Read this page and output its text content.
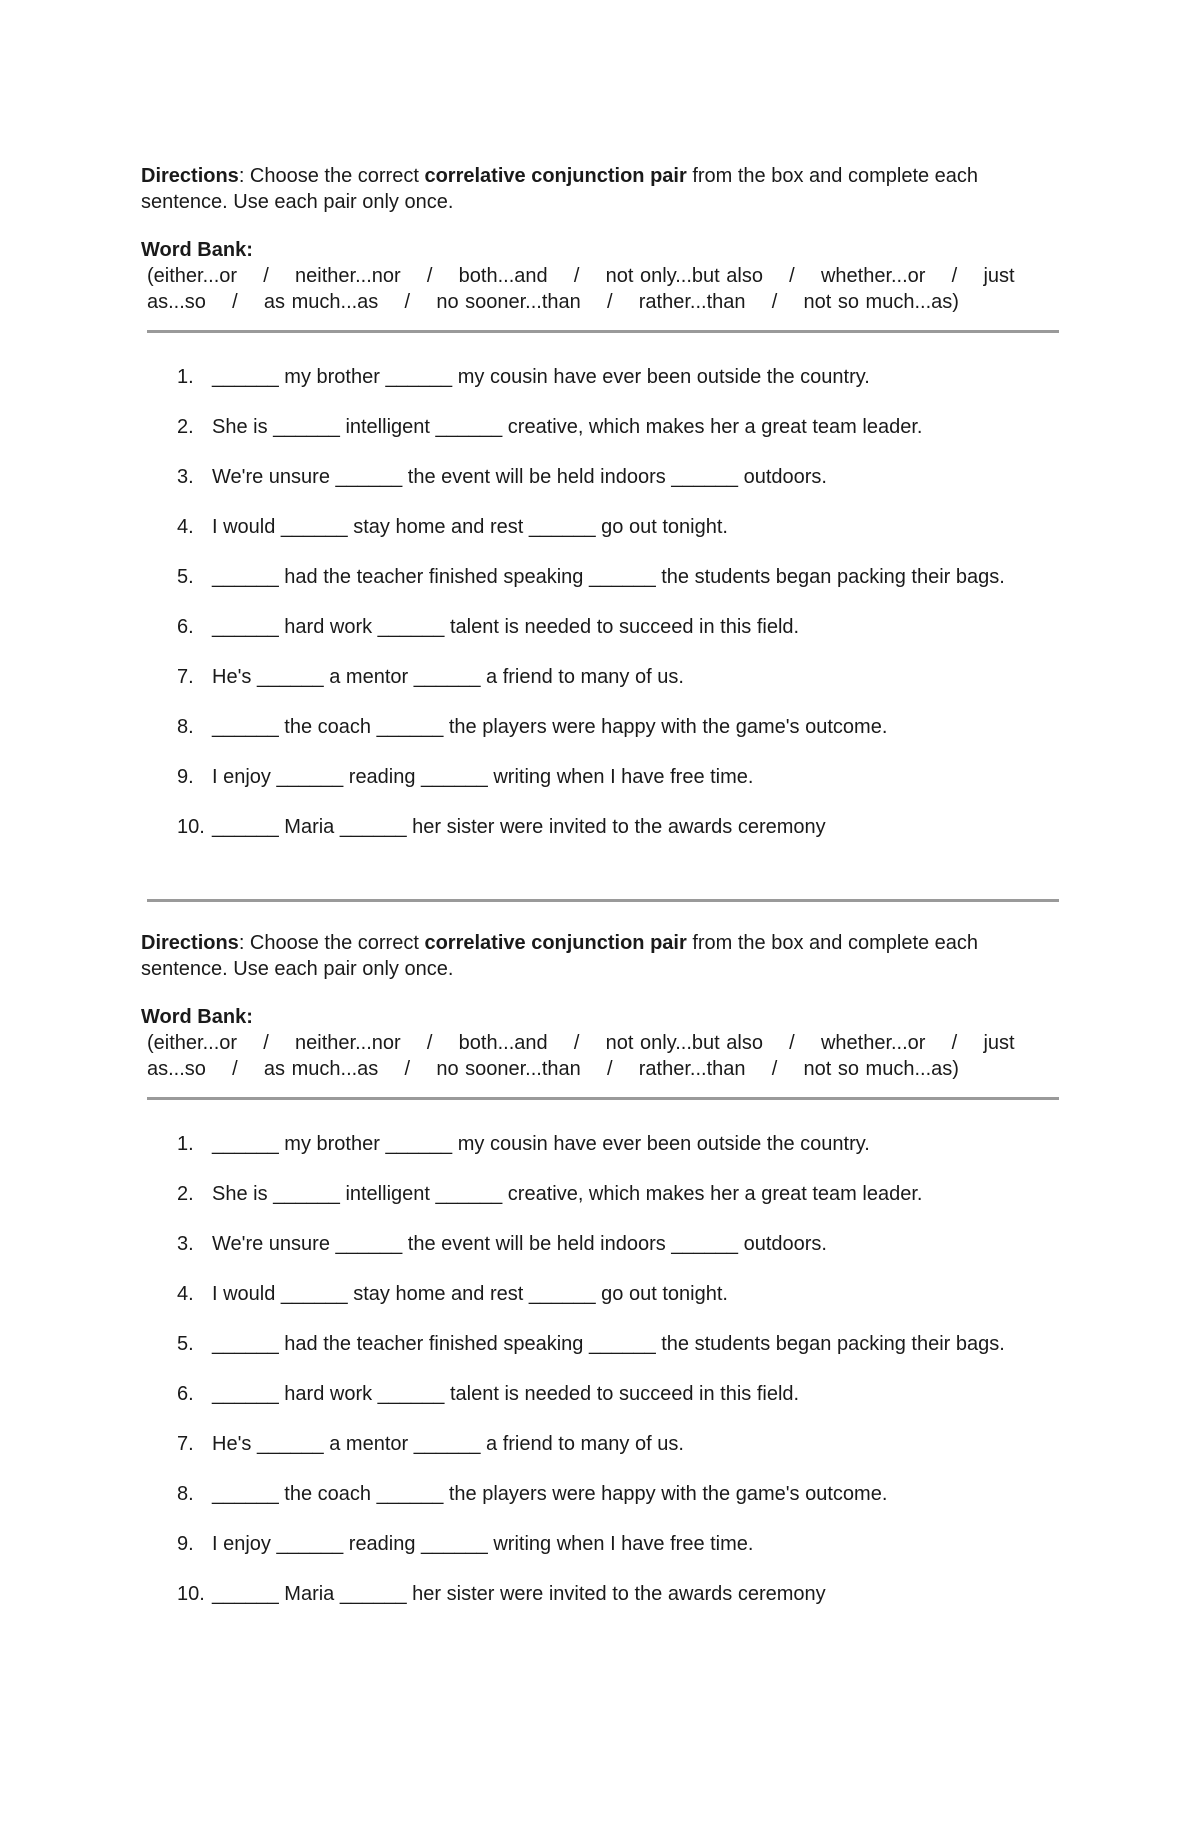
Directions: Choose the correct correlative conjunction pair from the box and complete each sentence. Use each pair only once.

Word Bank:

(either...or    /    neither...nor    /    both...and    /    not only...but also    /    whether...or    /    just
as...so    /    as much...as    /    no sooner...than    /    rather...than    /    not so much...as)

1. ______ my brother ______ my cousin have ever been outside the country.
2. She is ______ intelligent ______ creative, which makes her a great team leader.
3. We're unsure ______ the event will be held indoors ______ outdoors.
4. I would ______ stay home and rest ______ go out tonight.
5. ______ had the teacher finished speaking ______ the students began packing their bags.
6. ______ hard work ______ talent is needed to succeed in this field.
7. He's ______ a mentor ______ a friend to many of us.
8. ______ the coach ______ the players were happy with the game's outcome.
9. I enjoy ______ reading ______ writing when I have free time.
10. ______ Maria ______ her sister were invited to the awards ceremony

Directions: Choose the correct correlative conjunction pair from the box and complete each sentence. Use each pair only once.

Word Bank:

(either...or    /    neither...nor    /    both...and    /    not only...but also    /    whether...or    /    just
as...so    /    as much...as    /    no sooner...than    /    rather...than    /    not so much...as)

1. ______ my brother ______ my cousin have ever been outside the country.
2. She is ______ intelligent ______ creative, which makes her a great team leader.
3. We're unsure ______ the event will be held indoors ______ outdoors.
4. I would ______ stay home and rest ______ go out tonight.
5. ______ had the teacher finished speaking ______ the students began packing their bags.
6. ______ hard work ______ talent is needed to succeed in this field.
7. He's ______ a mentor ______ a friend to many of us.
8. ______ the coach ______ the players were happy with the game's outcome.
9. I enjoy ______ reading ______ writing when I have free time.
10. ______ Maria ______ her sister were invited to the awards ceremony
